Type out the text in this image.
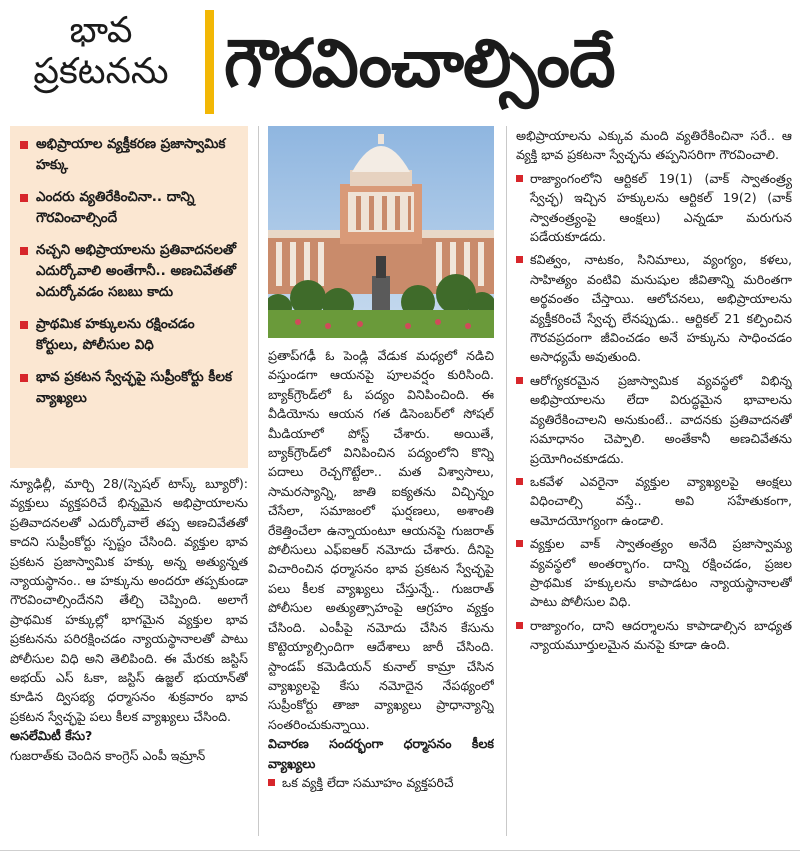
భావ
ప్రకటనను గౌరవించాల్సిందే
అభిప్రాయాల వ్యక్తీకరణ ప్రజాస్వామిక హక్కు
ఎందరు వ్యతిరేకించినా.. దాన్ని గౌరవించాల్సిందే
నచ్చని అభిప్రాయాలను ప్రతివాదనలతో ఎదుర్కోవాలి అంతేగానీ.. అణచివేతతో ఎదుర్కోవడం సబబు కాదు
ప్రాథమిక హక్కులను రక్షించడం కోర్టులు, పోలీసుల విధి
భావ ప్రకటన స్వేచ్ఛపై సుప్రీంకోర్టు కీలక వ్యాఖ్యలు

న్యూఢిల్లీ, మార్చి 28/(స్పెషల్ టాస్క్ బ్యూరో): వ్యక్తులు వ్యక్తపరిచే భిన్నమైన అభిప్రాయాలను ప్రతివాదనలతో ఎదుర్కోవాలే తప్ప అణచివేతతో కాదని సుప్రీంకోర్టు స్పష్టం చేసింది. వ్యక్తుల భావ ప్రకటన ప్రజాస్వామిక హక్కు అన్న అత్యున్నత న్యాయస్థానం.. ఆ హక్కును అందరూ తప్పకుండా గౌరవించాల్సిందేనని తేల్చి చెప్పింది. అలాగే ప్రాథమిక హక్కుల్లో భాగమైన వ్యక్తుల భావ ప్రకటనను పరిరక్షించడం న్యాయస్థానాలతో పాటు పోలీసుల విధి అని తెలిపింది. ఈ మేరకు జస్టిస్ అభయ్ ఎస్ ఓకా, జస్టిస్ ఉజ్జల్ భుయాన్‌తో కూడిన ద్విసభ్య ధర్మాసనం శుక్రవారం భావ ప్రకటన స్వేచ్ఛపై పలు కీలక వ్యాఖ్యలు చేసింది.

అసలేమిటీ కేసు?

గుజరాత్‌కు చెందిన కాంగ్రెస్ ఎంపీ ఇమ్రాన్

ప్రతాప్‌గఢీ ఓ పెండ్లి వేడుక మధ్యలో నడిచి వస్తుండగా ఆయనపై పూలవర్షం కురిసింది. బ్యాక్‌గ్రౌండ్‌లో ఓ పద్యం వినిపించింది. ఈ వీడియోను ఆయన గత డిసెంబర్‌లో సోషల్ మీడియాలో పోస్ట్ చేశారు. అయితే, బ్యాక్‌గ్రౌండ్‌లో వినిపించిన పద్యంలోని కొన్ని పదాలు రెచ్చగొట్టేలా.. మత విశ్వాసాలు, సామరస్యాన్ని, జాతి ఐక్యతను విచ్చిన్నం చేసేలా, సమాజంలో ఘర్షణలు, అశాంతి రేకెత్తించేలా ఉన్నాయంటూ ఆయనపై గుజరాత్ పోలీసులు ఎఫ్‌ఐఆర్ నమోదు చేశారు. దీనిపై విచారించిన ధర్మాసనం భావ ప్రకటన స్వేచ్ఛపై పలు కీలక వ్యాఖ్యలు చేస్తున్నే.. గుజరాత్ పోలీసుల అత్యుత్సాహంపై ఆగ్రహం వ్యక్తం చేసింది. ఎంపీపై నమోదు చేసిన కేసును కొట్టెయ్యాల్సిందిగా ఆదేశాలు జారీ చేసింది. స్టాండప్ కమెడియన్ కునాల్ కామ్రా చేసిన వ్యాఖ్యలపై కేసు నమోదైన నేపథ్యంలో సుప్రీంకోర్టు తాజా వ్యాఖ్యలు ప్రాధాన్యాన్ని సంతరించుకున్నాయి.

విచారణ సందర్భంగా ధర్మాసనం కీలక వ్యాఖ్యలు

ఒక వ్యక్తి లేదా సమూహం వ్యక్తపరిచే

అభిప్రాయాలను ఎక్కువ మంది వ్యతిరేకించినా సరే.. ఆ వ్యక్తి భావ ప్రకటనా స్వేచ్ఛను తప్పనిసరిగా గౌరవించాలి.

రాజ్యాంగంలోని ఆర్టికల్ 19(1) (వాక్ స్వాతంత్ర్య స్వేచ్ఛ) ఇచ్చిన హక్కులను ఆర్టికల్ 19(2) (వాక్ స్వాతంత్ర్యంపై ఆంక్షలు) ఎన్నడూ మరుగున పడేయకూడదు.
కవిత్వం, నాటకం, సినిమాలు, వ్యంగ్యం, కళలు, సాహిత్యం వంటివి మనుషుల జీవితాన్ని మరింతగా అర్థవంతం చేస్తాయి. ఆలోచనలు, అభిప్రాయాలను వ్యక్తీకరించే స్వేచ్ఛ లేనప్పుడు.. ఆర్టికల్ 21 కల్పించిన గౌరవప్రదంగా జీవించడం అనే హక్కును సాధించడం అసాధ్యమే అవుతుంది.
ఆరోగ్యకరమైన ప్రజాస్వామిక వ్యవస్థలో విభిన్న అభిప్రాయాలను లేదా విరుద్ధమైన భావాలను వ్యతిరేకించాలని అనుకుంటే.. వాదనకు ప్రతివాదనతో సమాధానం చెప్పాలి. అంతేకానీ అణచివేతను ప్రయోగించకూడదు.
ఒకవేళ ఎవరైనా వ్యక్తుల వ్యాఖ్యలపై ఆంక్షలు విధించాల్సి వస్తే.. అవి సహేతుకంగా, ఆమోదయోగ్యంగా ఉండాలి.
వ్యక్తుల వాక్ స్వాతంత్ర్యం అనేది ప్రజాస్వామ్య వ్యవస్థలో అంతర్భాగం. దాన్ని రక్షించడం, ప్రజల ప్రాథమిక హక్కులను కాపాడటం న్యాయస్థానాలతో పాటు పోలీసుల విధి.
రాజ్యాంగం, దాని ఆదర్శాలను కాపాడాల్సిన బాధ్యత న్యాయమూర్తులమైన మనపై కూడా ఉంది.
